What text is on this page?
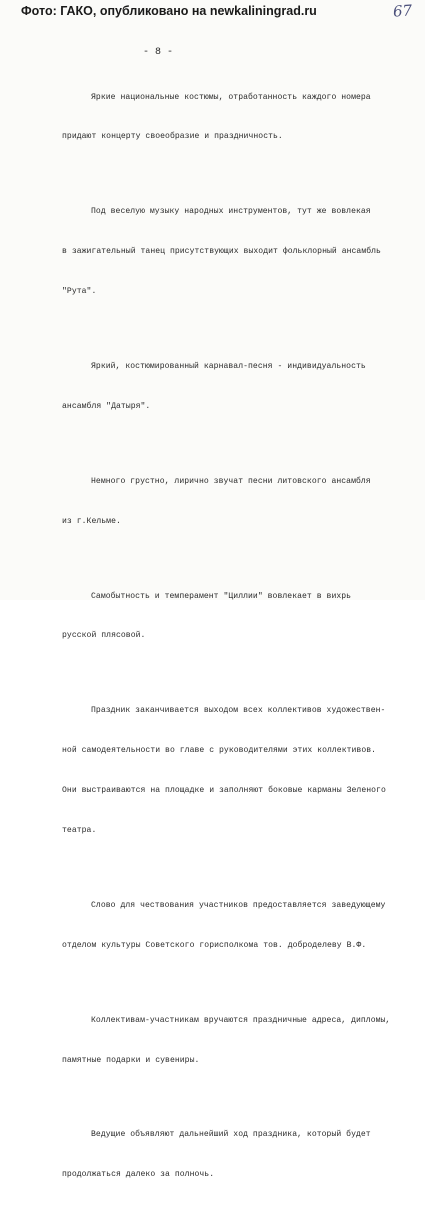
Фото: ГАКО, опубликовано на newkaliningrad.ru	67
- 8 -

Яркие национальные костюмы, отработанность каждого номера

придают концерту своеобразие и праздничность.

Под веселую музыку народных инструментов, тут же вовлекая

в зажигательный танец присутствующих выходит фольклорный ансамбль

"Рута".

Яркий, костюмированный карнавал-песня - индивидуальность

ансамбля "Датыря".

Немного грустно, лирично звучат песни литовского ансамбля

из г.Кельме.

Самобытность и темперамент "Циллии" вовлекает в вихрь

русской плясовой.

Праздник заканчивается выходом всех коллективов художествен-

ной самодеятельности во главе с руководителями этих коллективов.

Они выстраиваются на площадке и заполняют боковые карманы Зеленого

театра.

Слово для чествования участников предоставляется заведующему

отделом культуры Советского горисполкома тов. доброделеву В.Ф.

Коллективам-участникам вручаются праздничные адреса, дипломы,

памятные подарки и сувениры.

Ведущие объявляют дальнейший ход праздника, который будет

продолжаться далеко за полночь.
